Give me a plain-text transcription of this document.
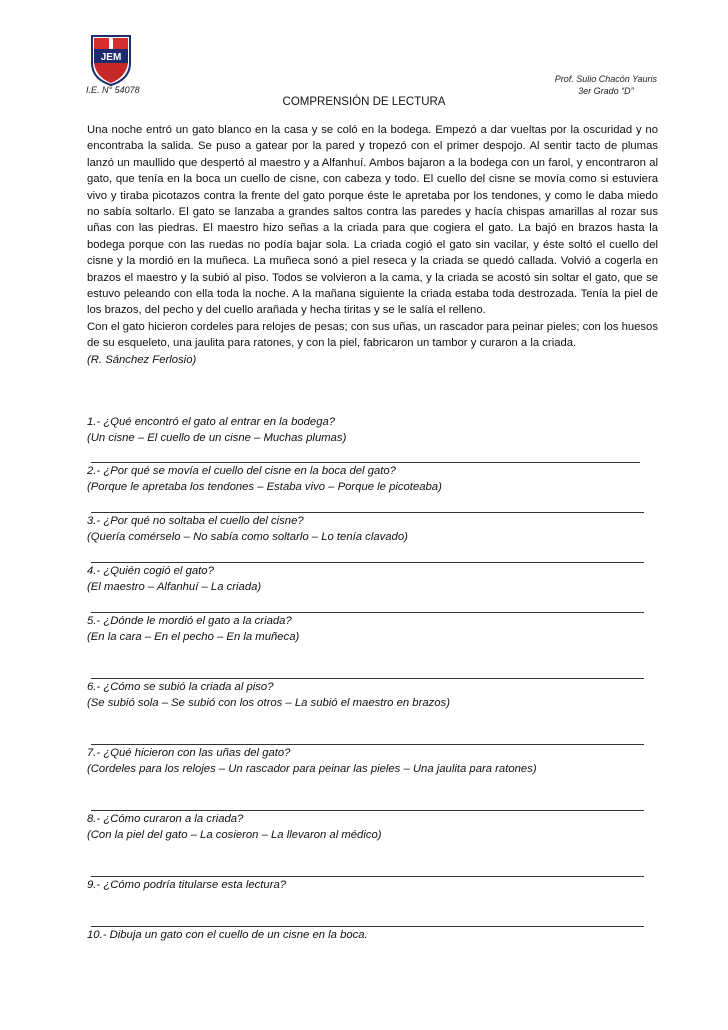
JEM
Prof. Sulio Chacón Yauris
3er Grado “D”
I.E. N° 54078
COMPRENSIÓN DE LECTURA

Una noche entró un gato blanco en la casa y se coló en la bodega. Empezó a dar vueltas por la oscuridad y no encontraba la salida. Se puso a gatear por la pared y tropezó con el primer despojo. Al sentir tacto de plumas lanzó un maullido que despertó al maestro y a Alfanhuí. Ambos bajaron a la bodega con un farol, y encontraron al gato, que tenía en la boca un cuello de cisne, con cabeza y todo. El cuello del cisne se movía como si estuviera vivo y tiraba picotazos contra la frente del gato porque éste le apretaba por los tendones, y como le daba miedo no sabía soltarlo. El gato se lanzaba a grandes saltos contra las paredes y hacía chispas amarillas al rozar sus uñas con las piedras. El maestro hizo señas a la criada para que cogiera el gato. La bajó en brazos hasta la bodega porque con las ruedas no podía bajar sola. La criada cogió el gato sin vacilar, y éste soltó el cuello del cisne y la mordió en la muñeca. La muñeca sonó a piel reseca y la criada se quedó callada. Volvió a cogerla en brazos el maestro y la subió al piso. Todos se volvieron a la cama, y la criada se acostó sin soltar el gato, que se estuvo peleando con ella toda la noche. A la mañana siguiente la criada estaba toda destrozada. Tenía la piel de los brazos, del pecho y del cuello arañada y hecha tiritas y se le salía el relleno.

Con el gato hicieron cordeles para relojes de pesas; con sus uñas, un rascador para peinar pieles; con los huesos de su esqueleto, una jaulita para ratones, y con la piel, fabricaron un tambor y curaron a la criada.

(R. Sánchez Ferlosio)

1.- ¿Qué encontró el gato al entrar en la bodega?
(Un cisne – El cuello de un cisne – Muchas plumas)
2.- ¿Por qué se movía el cuello del cisne en la boca del gato?
(Porque le apretaba los tendones – Estaba vivo – Porque le picoteaba)
3.- ¿Por qué no soltaba el cuello del cisne?
(Quería comérselo – No sabía como soltarlo – Lo tenía clavado)
4.- ¿Quién cogió el gato?
(El maestro – Alfanhuí – La criada)
5.- ¿Dónde le mordió el gato a la criada?
(En la cara – En el pecho – En la muñeca)
6.- ¿Cómo se subió la criada al piso?
(Se subió sola – Se subió con los otros – La subió el maestro en brazos)
7.- ¿Qué hicieron con las uñas del gato?
(Cordeles para los relojes – Un rascador para peinar las pieles – Una jaulita para ratones)
8.- ¿Cómo curaron a la criada?
(Con la piel del gato – La cosieron – La llevaron al médico)
9.- ¿Cómo podría titularse esta lectura?
10.- Dibuja un gato con el cuello de un cisne en la boca.
